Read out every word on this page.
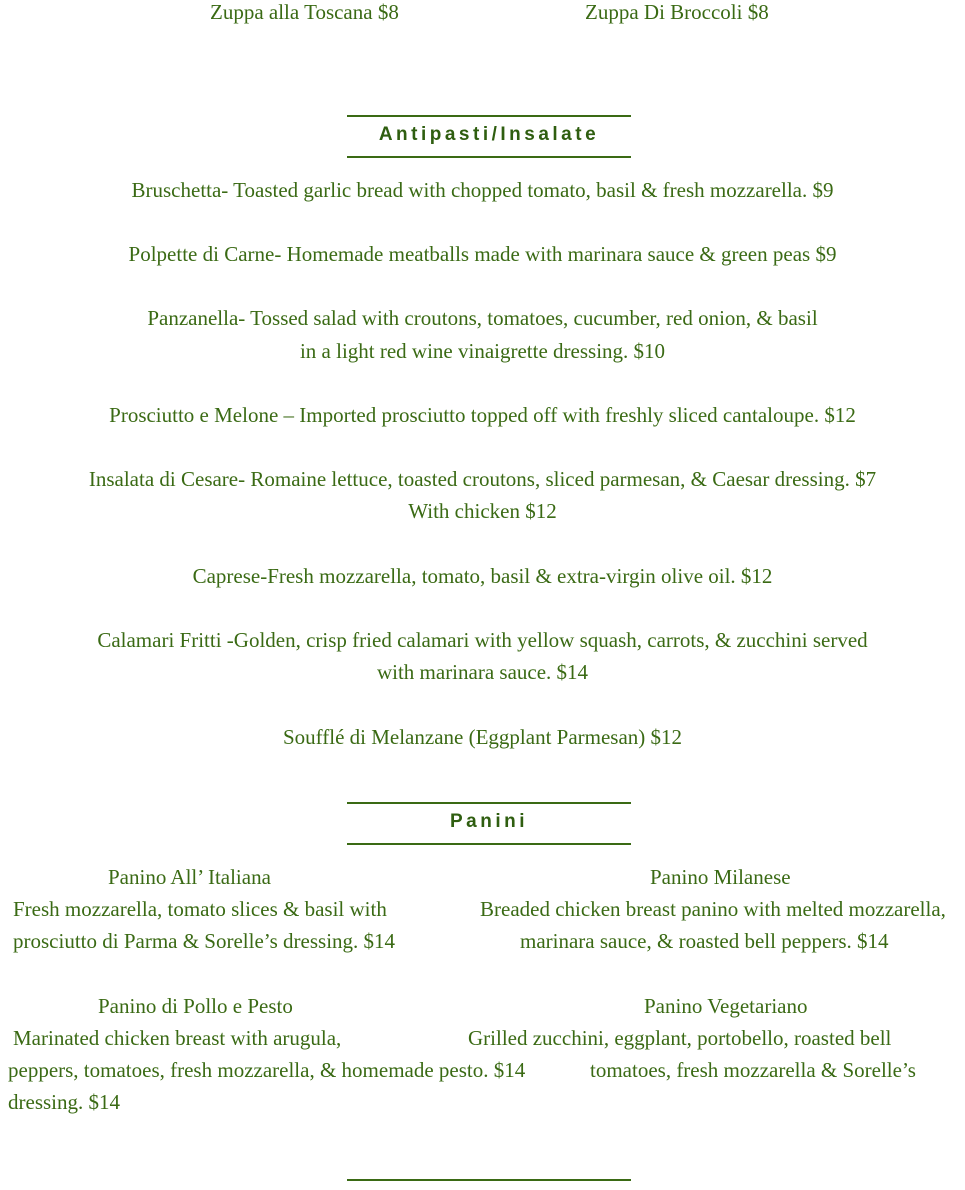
Zuppa alla Toscana $8	Zuppa Di Broccoli $8
Antipasti/Insalate
Bruschetta- Toasted garlic bread with chopped tomato, basil & fresh mozzarella. $9
Polpette di Carne- Homemade meatballs made with marinara sauce & green peas $9
Panzanella- Tossed salad with croutons, tomatoes, cucumber, red onion, & basil
in a light red wine vinaigrette dressing. $10
Prosciutto e Melone – Imported prosciutto topped off with freshly sliced cantaloupe. $12
Insalata di Cesare- Romaine lettuce, toasted croutons, sliced parmesan, & Caesar dressing. $7
With chicken $12
Caprese-Fresh mozzarella, tomato, basil & extra-virgin olive oil. $12
Calamari Fritti -Golden, crisp fried calamari with yellow squash, carrots, & zucchini served
with marinara sauce. $14
Soufflé di Melanzane (Eggplant Parmesan) $12
Panini
Panino All’ Italiana
Fresh mozzarella, tomato slices & basil with
prosciutto di Parma & Sorelle’s dressing. $14
Panino di Pollo e Pesto
Marinated chicken breast with arugula,
peppers, tomatoes, fresh mozzarella, & homemade pesto. $14
dressing. $14
Panino Milanese
Breaded chicken breast panino with melted mozzarella,
marinara sauce, & roasted bell peppers. $14
Panino Vegetariano
Grilled zucchini, eggplant, portobello, roasted bell
tomatoes, fresh mozzarella & Sorelle’s
